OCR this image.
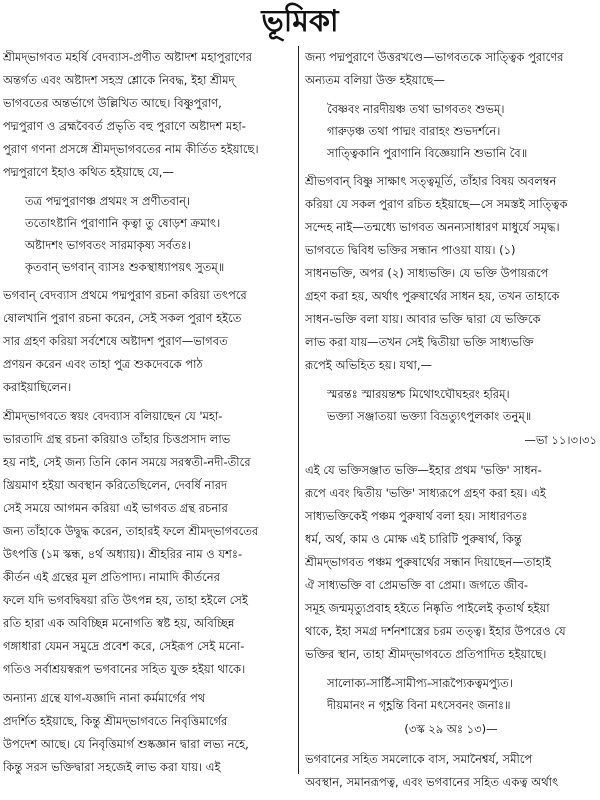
ভূমিকা
শ্রীমদ্‌ভাগবত মহর্ষি বেদব্যাস-প্রণীত অষ্টাদশ মহাপুরাণের
অন্তর্গত এবং অষ্টাদশ সহস্র শ্লোকে নিবদ্ধ, ইহা শ্রীমদ্‌
ভাগবতের অন্তর্ভাগে উল্লিখিত আছে। বিষ্ণুপুরাণ,
পদ্মপুরাণ ও ব্রহ্মবৈবর্ত প্রভৃতি বহু পুরাণে অষ্টাদশ মহা-
পুরাণ গণনা প্রসঙ্গে শ্রীমদ্‌ভাগবতের নাম কীর্তিত হইয়াছে।
পদ্মপুরাণে ইহাও কথিত হইয়াছে যে,—
তত্র পদ্মপুরাণঞ্চ প্রথমং স প্রণীতবান্‌।
ততোঽষ্টানি পুরাণানি কৃত্বা তু ষোড়শ ক্রমাৎ।
অষ্টাদশং ভাগবতং সারমাকৃষ্য সর্বতঃ।
কৃতবান্‌ ভগবান্‌ ব্যাসঃ শুকস্থাধ্যাপয়ৎ সুতম্‌॥
ভগবান্‌ বেদব্যাস প্রথমে পদ্মপুরাণ রচনা করিয়া তৎপরে
ষোলখানি পুরাণ রচনা করেন, সেই সকল পুরাণ হইতে
সার গ্রহণ করিয়া সর্বশেষে অষ্টাদশ পুরাণ—ভাগবত
প্রণয়ন করেন এবং তাহা পুত্র শুকদেবকে পাঠ
করাইয়াছিলেন।
শ্রীমদ্‌ভাগবতে স্বয়ং বেদব্যাস বলিয়াছেন যে 'মহা-
ভারতাদি গ্রন্থ রচনা করিয়াও তাঁহার চিত্তপ্রসাদ লাভ
হয় নাই, সেই জন্য তিনি কোন সময়ে সরস্বতী-নদী-তীরে
খ্রিয়মাণ হইয়া অবস্থান করিতেছিলেন, দেবর্ষি নারদ
সেই সময়ে আগমন করিয়া এই ভাগবত গ্রন্থ রচনার
জন্য তাঁহাকে উদ্বুদ্ধ করেন, তাহারই ফলে শ্রীমদ্‌ভাগবতের
উৎপত্তি (১ম স্কন্ধ, ৪র্থ অধ্যায়)। শ্রীহরির নাম ও যশঃ-
কীর্তন এই গ্রন্থের মূল প্রতিপাদ্য। নামাদি কীর্তনের
ফলে যদি ভগবদ্বিষয়া রতি উৎপন্ন হয়, তাহা হইলে সেই
রতি হারা এক অবিচ্ছিন্ন মনোগতি স্বষ্ট হয়, অবিচ্ছিন্ন
গঙ্গাধারা যেমন সমুদ্রে প্রবেশ করে, সেইরূপ সেই মনো-
গতিও সর্বাশ্রয়স্বরূপ ভগবানের সহিত যুক্ত হইয়া থাকে।
অন্যান্য গ্রন্থে যাগ-যজ্ঞাদি নানা কর্মমার্গের পথ
প্রদর্শিত হইয়াছে, কিন্তু শ্রীমদ্‌ভাগবতে নিবৃত্তিমার্গের
উপদেশ আছে। যে নিবৃত্তিমার্গ শুষ্কজ্ঞান দ্বারা লভ্য নহে,
কিন্তু সরস ভক্তিদ্বারা সহজেই লাভ করা যায়। এই
জন্য পদ্মপুরাণে উত্তরখণ্ডে—ভাগবতকে সাত্ত্বিক পুরাণের
অন্যতম বলিয়া উক্ত হইয়াছে—
বৈষ্ণবং নারদীয়ঞ্চ তথা ভাগবতং শুভম্‌।
গারুড়ঞ্চ তথা পাদ্মং বারাহং শুভদর্শনে।
সাত্ত্বিকানি পুরাণানি বিজ্ঞেয়ানি শুভানি বৈ॥
শ্রীভগবান্‌ বিষ্ণু সাক্ষাৎ সত্ত্বমূর্তি, তাঁহার বিষয় অবলম্বন
করিয়া যে সকল পুরাণ রচিত হইয়াছে—সে সমস্তই সাত্ত্বিক
সন্দেহ নাই—তন্মধ্যে ভাগবত অনন্যসাধারণ মাধুর্যে সমৃদ্ধ।
ভাগবতে দ্বিবিধ ভক্তির সন্ধান পাওয়া যায়। (১)
সাধনভক্তি, অপর (২) সাধ্যভক্তি। যে ভক্তি উপায়রূপে
গ্রহণ করা হয়, অর্থাৎ পুরুষার্থের সাধন হয়, তখন তাহাকে
সাধন-ভক্তি বলা যায়। আবার ভক্তি দ্বারা যে ভক্তিকে
লাভ করা যায়—তখন সেই দ্বিতীয়া ভক্তি সাধ্যভক্তি
রূপেই অভিহিত হয়। যথা,—
স্মরন্তঃ স্মারয়ন্তশ্চ মিথোঽঘৌঘহরং হরিম্‌।
ভক্ত্যা সঞ্জাতয়া ভক্ত্যা বিভ্রত্যুৎপুলকাং তনুম্‌॥
—ভা ১১।৩।৩১
এই যে ভক্তিসঞ্জাত ভক্তি—ইহার প্রথম 'ভক্তি' সাধন-
রূপে এবং দ্বিতীয় 'ভক্তি' সাধ্যরূপে গ্রহণ করা হয়। এই
সাধ্যভক্তিকেই পঞ্চম পুরুষার্থ বলা হয়। সাধারণতঃ
ধর্ম, অর্থ, কাম ও মোক্ষ এই চারিটি পুরুষার্থ, কিন্তু
শ্রীমদ্‌ভাগবত পঞ্চম পুরুষার্থের সন্ধান দিয়াছেন—তাহাই
ঐ সাধ্যভক্তি বা প্রেমভক্তি বা প্রেমা। জগতে জীব-
সমূহ জন্মমৃত্যুপ্রবাহ হইতে নিষ্কৃতি পাইলেই কৃতার্থ হইয়া
থাকে, ইহা সমগ্র দর্শনশাস্ত্রের চরম তত্ত্ব। ইহার উপরেও যে
ভক্তির স্থান, তাহা শ্রীমদ্‌ভাগবতে প্রতিপাদিত হইয়াছে।
সালোক্য-সার্ষ্টি-সামীপ্য-সারূপ্যৈকত্বমপ্যুত।
দীয়মানং ন গৃহ্ণন্তি বিনা মৎসেবনং জনাঃ॥
(৩স্ক ২৯ অঃ ১৩)—
ভগবানের সহিত সমলোকে বাস, সমানৈশ্বর্য, সমীপে
অবস্থান, সমানরূপত্ব, এবং ভগবানের সহিত একত্ব অর্থাৎ
